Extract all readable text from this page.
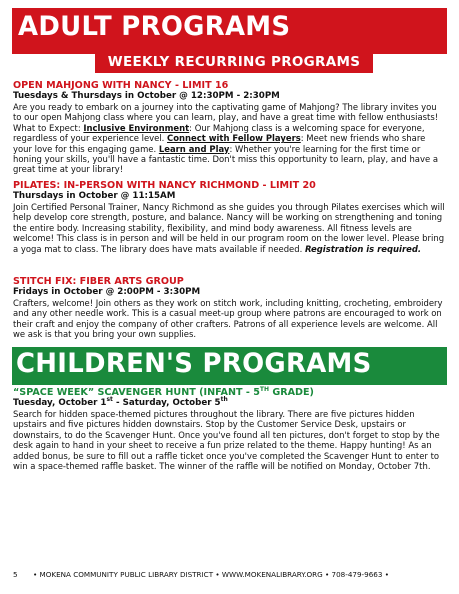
ADULT PROGRAMS
WEEKLY RECURRING PROGRAMS
OPEN MAHJONG WITH NANCY - LIMIT 16
Tuesdays & Thursdays in October @ 12:30PM - 2:30PM
Are you ready to embark on a journey into the captivating game of Mahjong? The library invites you to our open Mahjong class where you can learn, play, and have a great time with fellow enthusiasts! What to Expect: Inclusive Environment: Our Mahjong class is a welcoming space for everyone, regardless of your experience level. Connect with Fellow Players: Meet new friends who share your love for this engaging game. Learn and Play: Whether you're learning for the first time or honing your skills, you'll have a fantastic time. Don't miss this opportunity to learn, play, and have a great time at your library!
PILATES: IN-PERSON WITH NANCY RICHMOND - LIMIT 20
Thursdays in October @ 11:15AM
Join Certified Personal Trainer, Nancy Richmond as she guides you through Pilates exercises which will help develop core strength, posture, and balance. Nancy will be working on strengthening and toning the entire body. Increasing stability, flexibility, and mind body awareness. All fitness levels are welcome! This class is in person and will be held in our program room on the lower level. Please bring a yoga mat to class. The library does have mats available if needed. Registration is required.
STITCH FIX: FIBER ARTS GROUP
Fridays in October @ 2:00PM - 3:30PM
Crafters, welcome! Join others as they work on stitch work, including knitting, crocheting, embroidery and any other needle work. This is a casual meet-up group where patrons are encouraged to work on their craft and enjoy the company of other crafters. Patrons of all experience levels are welcome. All we ask is that you bring your own supplies.
CHILDREN'S PROGRAMS
“SPACE WEEK” SCAVENGER HUNT (INFANT - 5TH GRADE)
Tuesday, October 1st - Saturday, October 5th
Search for hidden space-themed pictures throughout the library. There are five pictures hidden upstairs and five pictures hidden downstairs. Stop by the Customer Service Desk, upstairs or downstairs, to do the Scavenger Hunt. Once you've found all ten pictures, don't forget to stop by the desk again to hand in your sheet to receive a fun prize related to the theme. Happy hunting! As an added bonus, be sure to fill out a raffle ticket once you've completed the Scavenger Hunt to enter to win a space-themed raffle basket. The winner of the raffle will be notified on Monday, October 7th.
5 • MOKENA COMMUNITY PUBLIC LIBRARY DISTRICT • WWW.MOKENALIBRARY.ORG • 708-479-9663 •
